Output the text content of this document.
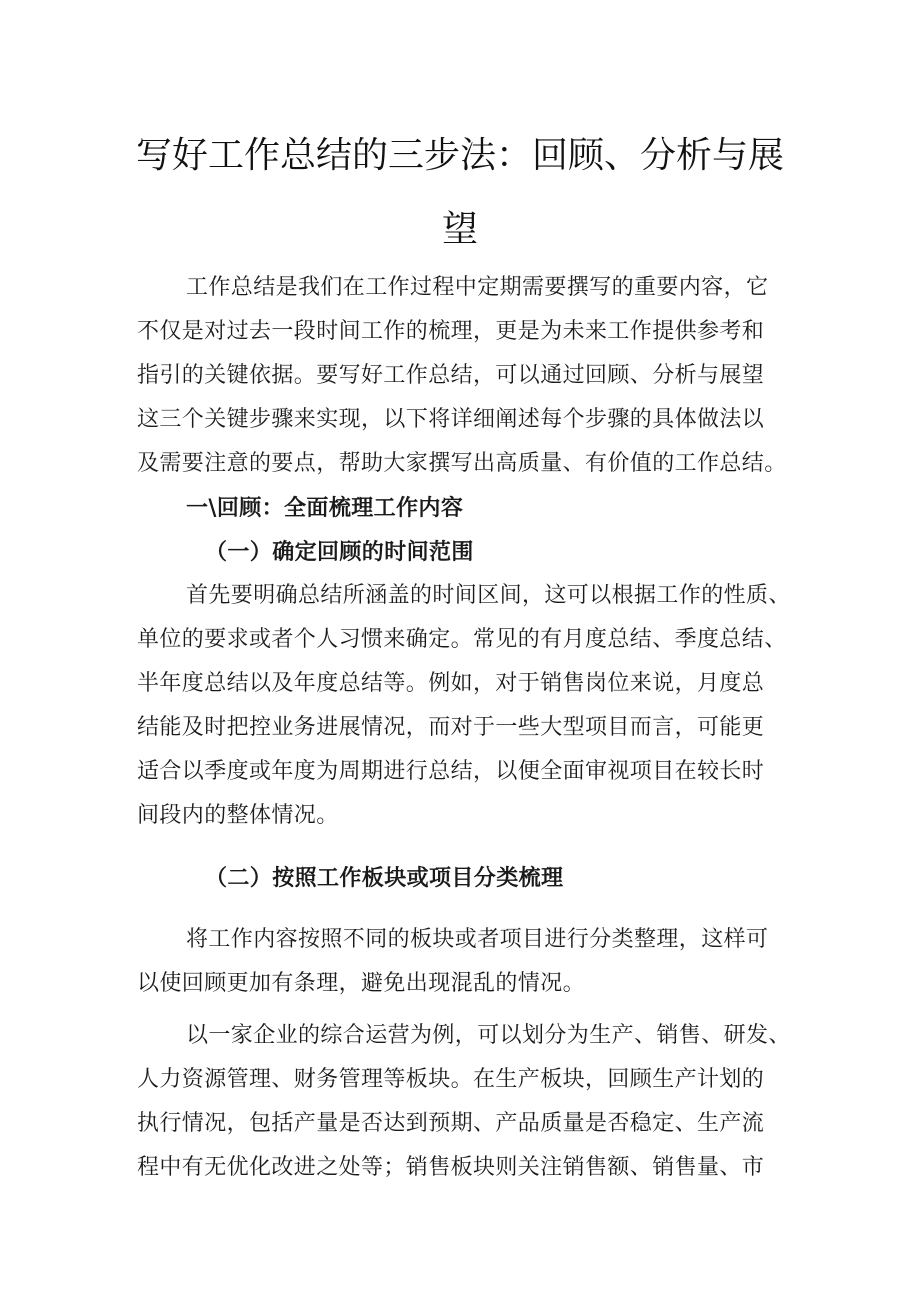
写好工作总结的三步法：回顾、分析与展
望
工作总结是我们在工作过程中定期需要撰写的重要内容，它
不仅是对过去一段时间工作的梳理，更是为未来工作提供参考和
指引的关键依据。要写好工作总结，可以通过回顾、分析与展望
这三个关键步骤来实现，以下将详细阐述每个步骤的具体做法以
及需要注意的要点，帮助大家撰写出高质量、有价值的工作总结。
一\回顾：全面梳理工作内容
（一）确定回顾的时间范围
首先要明确总结所涵盖的时间区间，这可以根据工作的性质、
单位的要求或者个人习惯来确定。常见的有月度总结、季度总结、
半年度总结以及年度总结等。例如，对于销售岗位来说，月度总
结能及时把控业务进展情况，而对于一些大型项目而言，可能更
适合以季度或年度为周期进行总结，以便全面审视项目在较长时
间段内的整体情况。
（二）按照工作板块或项目分类梳理
将工作内容按照不同的板块或者项目进行分类整理，这样可
以使回顾更加有条理，避免出现混乱的情况。
以一家企业的综合运营为例，可以划分为生产、销售、研发、
人力资源管理、财务管理等板块。在生产板块，回顾生产计划的
执行情况，包括产量是否达到预期、产品质量是否稳定、生产流
程中有无优化改进之处等；销售板块则关注销售额、销售量、市
